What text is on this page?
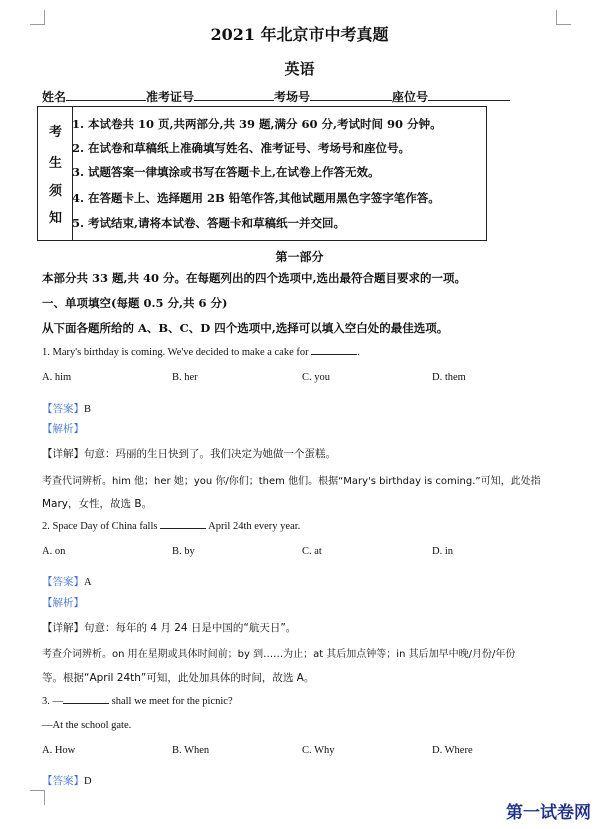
2021 年北京市中考真题
英语
姓名	准考证号	考场号	座位号
考
生
须
知
1. 本试卷共 10 页,共两部分,共 39 题,满分 60 分,考试时间 90 分钟。
2. 在试卷和草稿纸上准确填写姓名、准考证号、考场号和座位号。
3. 试题答案一律填涂或书写在答题卡上,在试卷上作答无效。
4. 在答题卡上、选择题用 2B 铅笔作答,其他试题用黑色字签字笔作答。
5. 考试结束,请将本试卷、答题卡和草稿纸一并交回。
第一部分
本部分共 33 题,共 40 分。在每题列出的四个选项中,选出最符合题目要求的一项。
一、单项填空(每题 0.5 分,共 6 分)
从下面各题所给的 A、B、C、D 四个选项中,选择可以填入空白处的最佳选项。
1. Mary's birthday is coming. We've decided to make a cake for	.
A. him	B. her	C. you	D. them
【答案】B
【解析】
【详解】句意：玛丽的生日快到了。我们决定为她做一个蛋糕。
考查代词辨析。him 他；her 她；you 你/你们；them 他们。根据“Mary's birthday is coming.”可知，此处指
Mary，女性，故选 B。
2. Space Day of China falls	April 24th every year.
A. on	B. by	C. at	D. in
【答案】A
【解析】
【详解】句意：每年的 4 月 24 日是中国的“航天日”。
考查介词辨析。on 用在星期或具体时间前；by 到……为止；at 其后加点钟等；in 其后加早中晚/月份/年份
等。根据“April 24th”可知，此处加具体的时间，故选 A。
3. —	shall we meet for the picnic?
—At the school gate.
A. How	B. When	C. Why	D. Where
【答案】D
第一试卷网
